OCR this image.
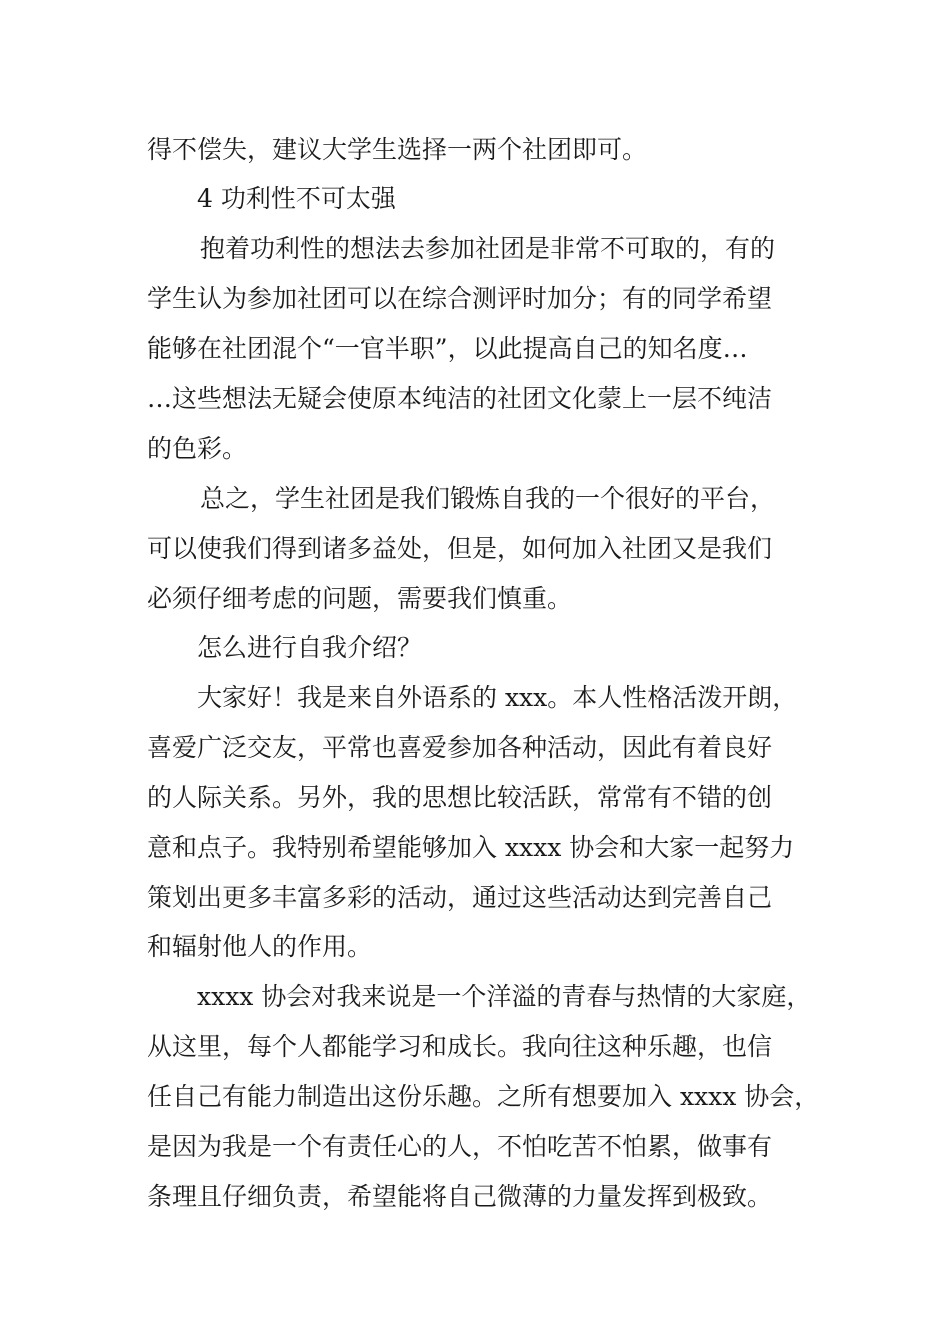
得不偿失，建议大学生选择一两个社团即可。
4 功利性不可太强
抱着功利性的想法去参加社团是非常不可取的，有的
学生认为参加社团可以在综合测评时加分；有的同学希望
能够在社团混个“一官半职”，以此提高自己的知名度…
…这些想法无疑会使原本纯洁的社团文化蒙上一层不纯洁
的色彩。
总之，学生社团是我们锻炼自我的一个很好的平台，
可以使我们得到诸多益处，但是，如何加入社团又是我们
必须仔细考虑的问题，需要我们慎重。
怎么进行自我介绍？
大家好！我是来自外语系的 xxx。本人性格活泼开朗，
喜爱广泛交友，平常也喜爱参加各种活动，因此有着良好
的人际关系。另外，我的思想比较活跃，常常有不错的创
意和点子。我特别希望能够加入 xxxx 协会和大家一起努力
策划出更多丰富多彩的活动，通过这些活动达到完善自己
和辐射他人的作用。
xxxx 协会对我来说是一个洋溢的青春与热情的大家庭，
从这里，每个人都能学习和成长。我向往这种乐趣，也信
任自己有能力制造出这份乐趣。之所有想要加入 xxxx 协会，
是因为我是一个有责任心的人，不怕吃苦不怕累，做事有
条理且仔细负责，希望能将自己微薄的力量发挥到极致。
